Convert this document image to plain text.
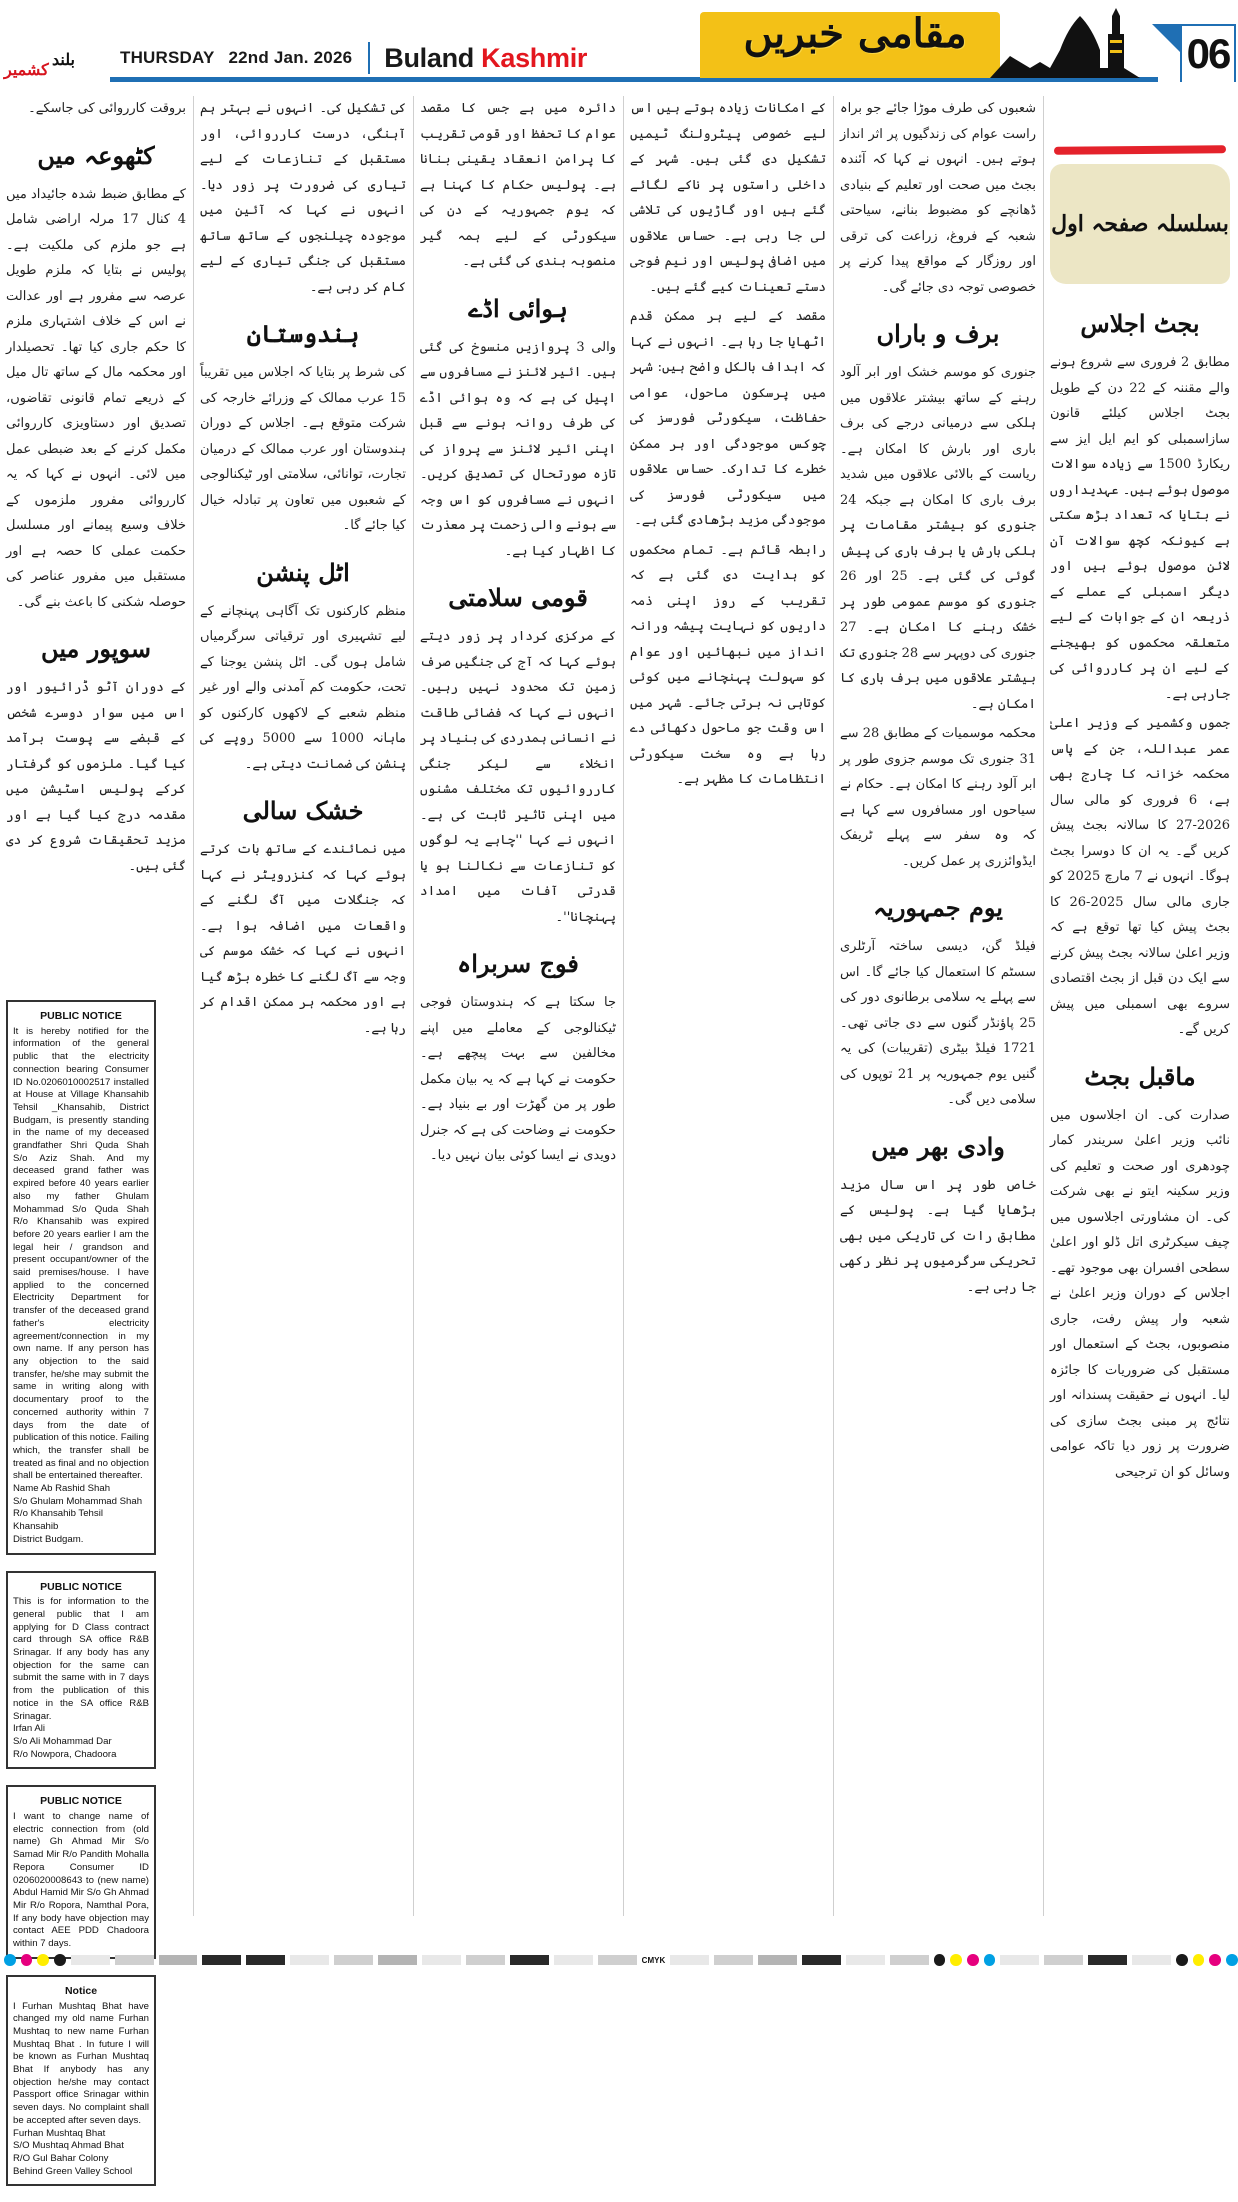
بلند
کشمیر
THURSDAY 22nd Jan. 2026 Buland Kashmir
مقامی خبریں	06
بسلسلہ صفحہ اول
بجٹ اجلاس

مطابق 2 فروری سے شروع ہونے والے مقننہ کے 22 دن کے طویل بجٹ اجلاس کیلئے قانون سازاسمبلی کو ایم ایل ایز سے ریکارڈ 1500 سے زیادہ سوالات موصول ہوئے ہیں۔ عہدیداروں نے بتایا کہ تعداد بڑھ سکتی ہے کیونکہ کچھ سوالات آن لائن موصول ہوئے ہیں اور دیگر اسمبلی کے عملے کے ذریعہ ان کے جوابات کے لیے متعلقہ محکموں کو بھیجنے کے لیے ان پر کارروائی کی جارہی ہے۔

جموں وکشمیر کے وزیر اعلیٰ عمر عبداللہ، جن کے پاس محکمہ خزانہ کا چارج بھی ہے، 6 فروری کو مالی سال 2026-27 کا سالانہ بجٹ پیش کریں گے۔ یہ ان کا دوسرا بجٹ ہوگا۔ انہوں نے 7 مارچ 2025 کو جاری مالی سال 2025-26 کا بجٹ پیش کیا تھا توقع ہے کہ وزیر اعلیٰ سالانہ بجٹ پیش کرنے سے ایک دن قبل از بجٹ اقتصادی سروے بھی اسمبلی میں پیش کریں گے۔

ماقبل بجٹ

صدارت کی۔ ان اجلاسوں میں نائب وزیر اعلیٰ سریندر کمار چودھری اور صحت و تعلیم کی وزیر سکینہ ایتو نے بھی شرکت کی۔ ان مشاورتی اجلاسوں میں چیف سیکرٹری اتل ڈلو اور اعلیٰ سطحی افسران بھی موجود تھے۔ اجلاس کے دوران وزیر اعلیٰ نے شعبہ وار پیش رفت، جاری منصوبوں، بجٹ کے استعمال اور مستقبل کی ضروریات کا جائزہ لیا۔ انہوں نے حقیقت پسندانہ اور نتائج پر مبنی بجٹ سازی کی ضرورت پر زور دیا تاکہ عوامی وسائل کو ان ترجیحی

شعبوں کی طرف موڑا جائے جو براہ راست عوام کی زندگیوں پر اثر انداز ہوتے ہیں۔ انہوں نے کہا کہ آئندہ بجٹ میں صحت اور تعلیم کے بنیادی ڈھانچے کو مضبوط بنانے، سیاحتی شعبہ کے فروغ، زراعت کی ترقی اور روزگار کے مواقع پیدا کرنے پر خصوصی توجہ دی جائے گی۔

برف و باراں

جنوری کو موسم خشک اور ابر آلود رہنے کے ساتھ بیشتر علاقوں میں ہلکی سے درمیانی درجے کی برف باری اور بارش کا امکان ہے۔ ریاست کے بالائی علاقوں میں شدید برف باری کا امکان ہے جبکہ 24 جنوری کو بیشتر مقامات پر ہلکی بارش یا برف باری کی پیش گوئی کی گئی ہے۔ 25 اور 26 جنوری کو موسم عمومی طور پر خشک رہنے کا امکان ہے۔ 27 جنوری کی دوپہر سے 28 جنوری تک بیشتر علاقوں میں برف باری کا امکان ہے۔

محکمہ موسمیات کے مطابق 28 سے 31 جنوری تک موسم جزوی طور پر ابر آلود رہنے کا امکان ہے۔ حکام نے سیاحوں اور مسافروں سے کہا ہے کہ وہ سفر سے پہلے ٹریفک ایڈوائزری پر عمل کریں۔

یوم جمہوریہ

فیلڈ گن، دیسی ساختہ آرٹلری سسٹم کا استعمال کیا جائے گا۔ اس سے پہلے یہ سلامی برطانوی دور کی 25 پاؤنڈر گنوں سے دی جاتی تھی۔ 1721 فیلڈ بیٹری (تقریبات) کی یہ گنیں یوم جمہوریہ پر 21 توپوں کی سلامی دیں گی۔

وادی بھر میں

خاص طور پر اس سال مزید بڑھایا گیا ہے۔ پولیس کے مطابق رات کی تاریکی میں بھی تحریکی سرگرمیوں پر نظر رکھی جا رہی ہے۔

کے امکانات زیادہ ہوتے ہیں اس لیے خصوصی پیٹرولنگ ٹیمیں تشکیل دی گئی ہیں۔ شہر کے داخلی راستوں پر ناکے لگائے گئے ہیں اور گاڑیوں کی تلاشی لی جا رہی ہے۔ حساس علاقوں میں اضافی پولیس اور نیم فوجی دستے تعینات کیے گئے ہیں۔

مقصد کے لیے ہر ممکن قدم اٹھایا جا رہا ہے۔ انہوں نے کہا کہ اہداف بالکل واضح ہیں: شہر میں پرسکون ماحول، عوامی حفاظت، سیکورٹی فورسز کی چوکس موجودگی اور ہر ممکن خطرے کا تدارک۔ حساس علاقوں میں سیکورٹی فورسز کی موجودگی مزید بڑھادی گئی ہے۔

رابطہ قائم ہے۔ تمام محکموں کو ہدایت دی گئی ہے کہ تقریب کے روز اپنی ذمہ داریوں کو نہایت پیشہ ورانہ انداز میں نبھائیں اور عوام کو سہولت پہنچانے میں کوئی کوتاہی نہ برتی جائے۔ شہر میں اس وقت جو ماحول دکھائی دے رہا ہے وہ سخت سیکورٹی انتظامات کا مظہر ہے۔

دائرہ میں ہے جس کا مقصد عوام کا تحفظ اور قومی تقریب کا پرامن انعقاد یقینی بنانا ہے۔ پولیس حکام کا کہنا ہے کہ یوم جمہوریہ کے دن کی سیکورٹی کے لیے ہمہ گیر منصوبہ بندی کی گئی ہے۔

ہوائی اڈے

والی 3 پروازیں منسوخ کی گئی ہیں۔ ائیر لائنز نے مسافروں سے اپیل کی ہے کہ وہ ہوائی اڈے کی طرف روانہ ہونے سے قبل اپنی ائیر لائنز سے پرواز کی تازہ صورتحال کی تصدیق کریں۔ انہوں نے مسافروں کو اس وجہ سے ہونے والی زحمت پر معذرت کا اظہار کیا ہے۔

قومی سلامتی

کے مرکزی کردار پر زور دیتے ہوئے کہا کہ آج کی جنگیں صرف زمین تک محدود نہیں رہیں۔ انہوں نے کہا کہ فضائی طاقت نے انسانی ہمدردی کی بنیاد پر انخلاء سے لیکر جنگی کارروائیوں تک مختلف مشنوں میں اپنی تاثیر ثابت کی ہے۔ انہوں نے کہا ''چاہے یہ لوگوں کو تنازعات سے نکالنا ہو یا قدرتی آفات میں امداد پہنچانا''۔

فوج سربراہ

جا سکتا ہے کہ ہندوستان فوجی ٹیکنالوجی کے معاملے میں اپنے مخالفین سے بہت پیچھے ہے۔ حکومت نے کہا ہے کہ یہ بیان مکمل طور پر من گھڑت اور بے بنیاد ہے۔ حکومت نے وضاحت کی ہے کہ جنرل دویدی نے ایسا کوئی بیان نہیں دیا۔

کی تشکیل کی۔ انہوں نے بہتر ہم آہنگی، درست کارروائی، اور مستقبل کے تنازعات کے لیے تیاری کی ضرورت پر زور دیا۔ انہوں نے کہا کہ آئین میں موجودہ چیلنجوں کے ساتھ ساتھ مستقبل کی جنگی تیاری کے لیے کام کر رہی ہے۔

ہندوستان

کی شرط پر بتایا کہ اجلاس میں تقریباً 15 عرب ممالک کے وزرائے خارجہ کی شرکت متوقع ہے۔ اجلاس کے دوران ہندوستان اور عرب ممالک کے درمیان تجارت، توانائی، سلامتی اور ٹیکنالوجی کے شعبوں میں تعاون پر تبادلہ خیال کیا جائے گا۔

اٹل پنشن

منظم کارکنوں تک آگاہی پہنچانے کے لیے تشہیری اور ترقیاتی سرگرمیاں شامل ہوں گی۔ اٹل پنشن یوجنا کے تحت، حکومت کم آمدنی والے اور غیر منظم شعبے کے لاکھوں کارکنوں کو ماہانہ 1000 سے 5000 روپے کی پنشن کی ضمانت دیتی ہے۔

خشک سالی

میں نمائندے کے ساتھ بات کرتے ہوئے کہا کہ کنزرویٹر نے کہا کہ جنگلات میں آگ لگنے کے واقعات میں اضافہ ہوا ہے۔ انہوں نے کہا کہ خشک موسم کی وجہ سے آگ لگنے کا خطرہ بڑھ گیا ہے اور محکمہ ہر ممکن اقدام کر رہا ہے۔

بروقت کارروائی کی جاسکے۔

کٹھوعہ میں

کے مطابق ضبط شدہ جائیداد میں 4 کنال 17 مرلہ اراضی شامل ہے جو ملزم کی ملکیت ہے۔ پولیس نے بتایا کہ ملزم طویل عرصہ سے مفرور ہے اور عدالت نے اس کے خلاف اشتہاری ملزم کا حکم جاری کیا تھا۔ تحصیلدار اور محکمہ مال کے ساتھ تال میل کے ذریعے تمام قانونی تقاضوں، تصدیق اور دستاویزی کارروائی مکمل کرنے کے بعد ضبطی عمل میں لائی۔ انہوں نے کہا کہ یہ کارروائی مفرور ملزموں کے خلاف وسیع پیمانے اور مسلسل حکمت عملی کا حصہ ہے اور مستقبل میں مفرور عناصر کی حوصلہ شکنی کا باعث بنے گی۔

سوپور میں

کے دوران آٹو ڈرائیور اور اس میں سوار دوسرے شخص کے قبضے سے پوست برآمد کیا گیا۔ ملزموں کو گرفتار کرکے پولیس اسٹیشن میں مقدمہ درج کیا گیا ہے اور مزید تحقیقات شروع کر دی گئی ہیں۔

PUBLIC NOTICE
It is hereby notified for the information of the general public that the electricity connection bearing Consumer ID No.0206010002517 installed at House at Village Khansahib Tehsil _Khansahib, District Budgam, is presently standing in the name of my deceased grandfather Shri Quda Shah S/o Aziz Shah. And my deceased grand father was expired before 40 years earlier also my father Ghulam Mohammad S/o Quda Shah R/o Khansahib was expired before 20 years earlier I am the legal heir / grandson and present occupant/owner of the said premises/house. I have applied to the concerned Electricity Department for transfer of the deceased grand father's electricity agreement/connection in my own name. If any person has any objection to the said transfer, he/she may submit the same in writing along with documentary proof to the concerned authority within 7 days from the date of publication of this notice. Failing which, the transfer shall be treated as final and no objection shall be entertained thereafter.
Name Ab Rashid Shah
S/o Ghulam Mohammad Shah
R/o Khansahib Tehsil Khansahib
District Budgam.
PUBLIC NOTICE
This is for information to the general public that I am applying for D Class contract card through SA office R&B Srinagar. If any body has any objection for the same can submit the same with in 7 days from the publication of this notice in the SA office R&B Srinagar.
Irfan Ali
S/o Ali Mohammad Dar
R/o Nowpora, Chadoora
PUBLIC NOTICE
I want to change name of electric connection from (old name) Gh Ahmad Mir S/o Samad Mir R/o Pandith Mohalla Repora Consumer ID 0206020008643 to (new name) Abdul Hamid Mir S/o Gh Ahmad Mir R/o Ropora, Namthal Pora, If any body have objection may contact AEE PDD Chadoora within 7 days.
Notice
I Furhan Mushtaq Bhat have changed my old name Furhan Mushtaq to new name Furhan Mushtaq Bhat . In future I will be known as Furhan Mushtaq Bhat If anybody has any objection he/she may contact Passport office Srinagar within seven days. No complaint shall be accepted after seven days.
Furhan Mushtaq Bhat
S/O Mushtaq Ahmad Bhat
R/O Gul Bahar Colony
Behind Green Valley School
CMYK
